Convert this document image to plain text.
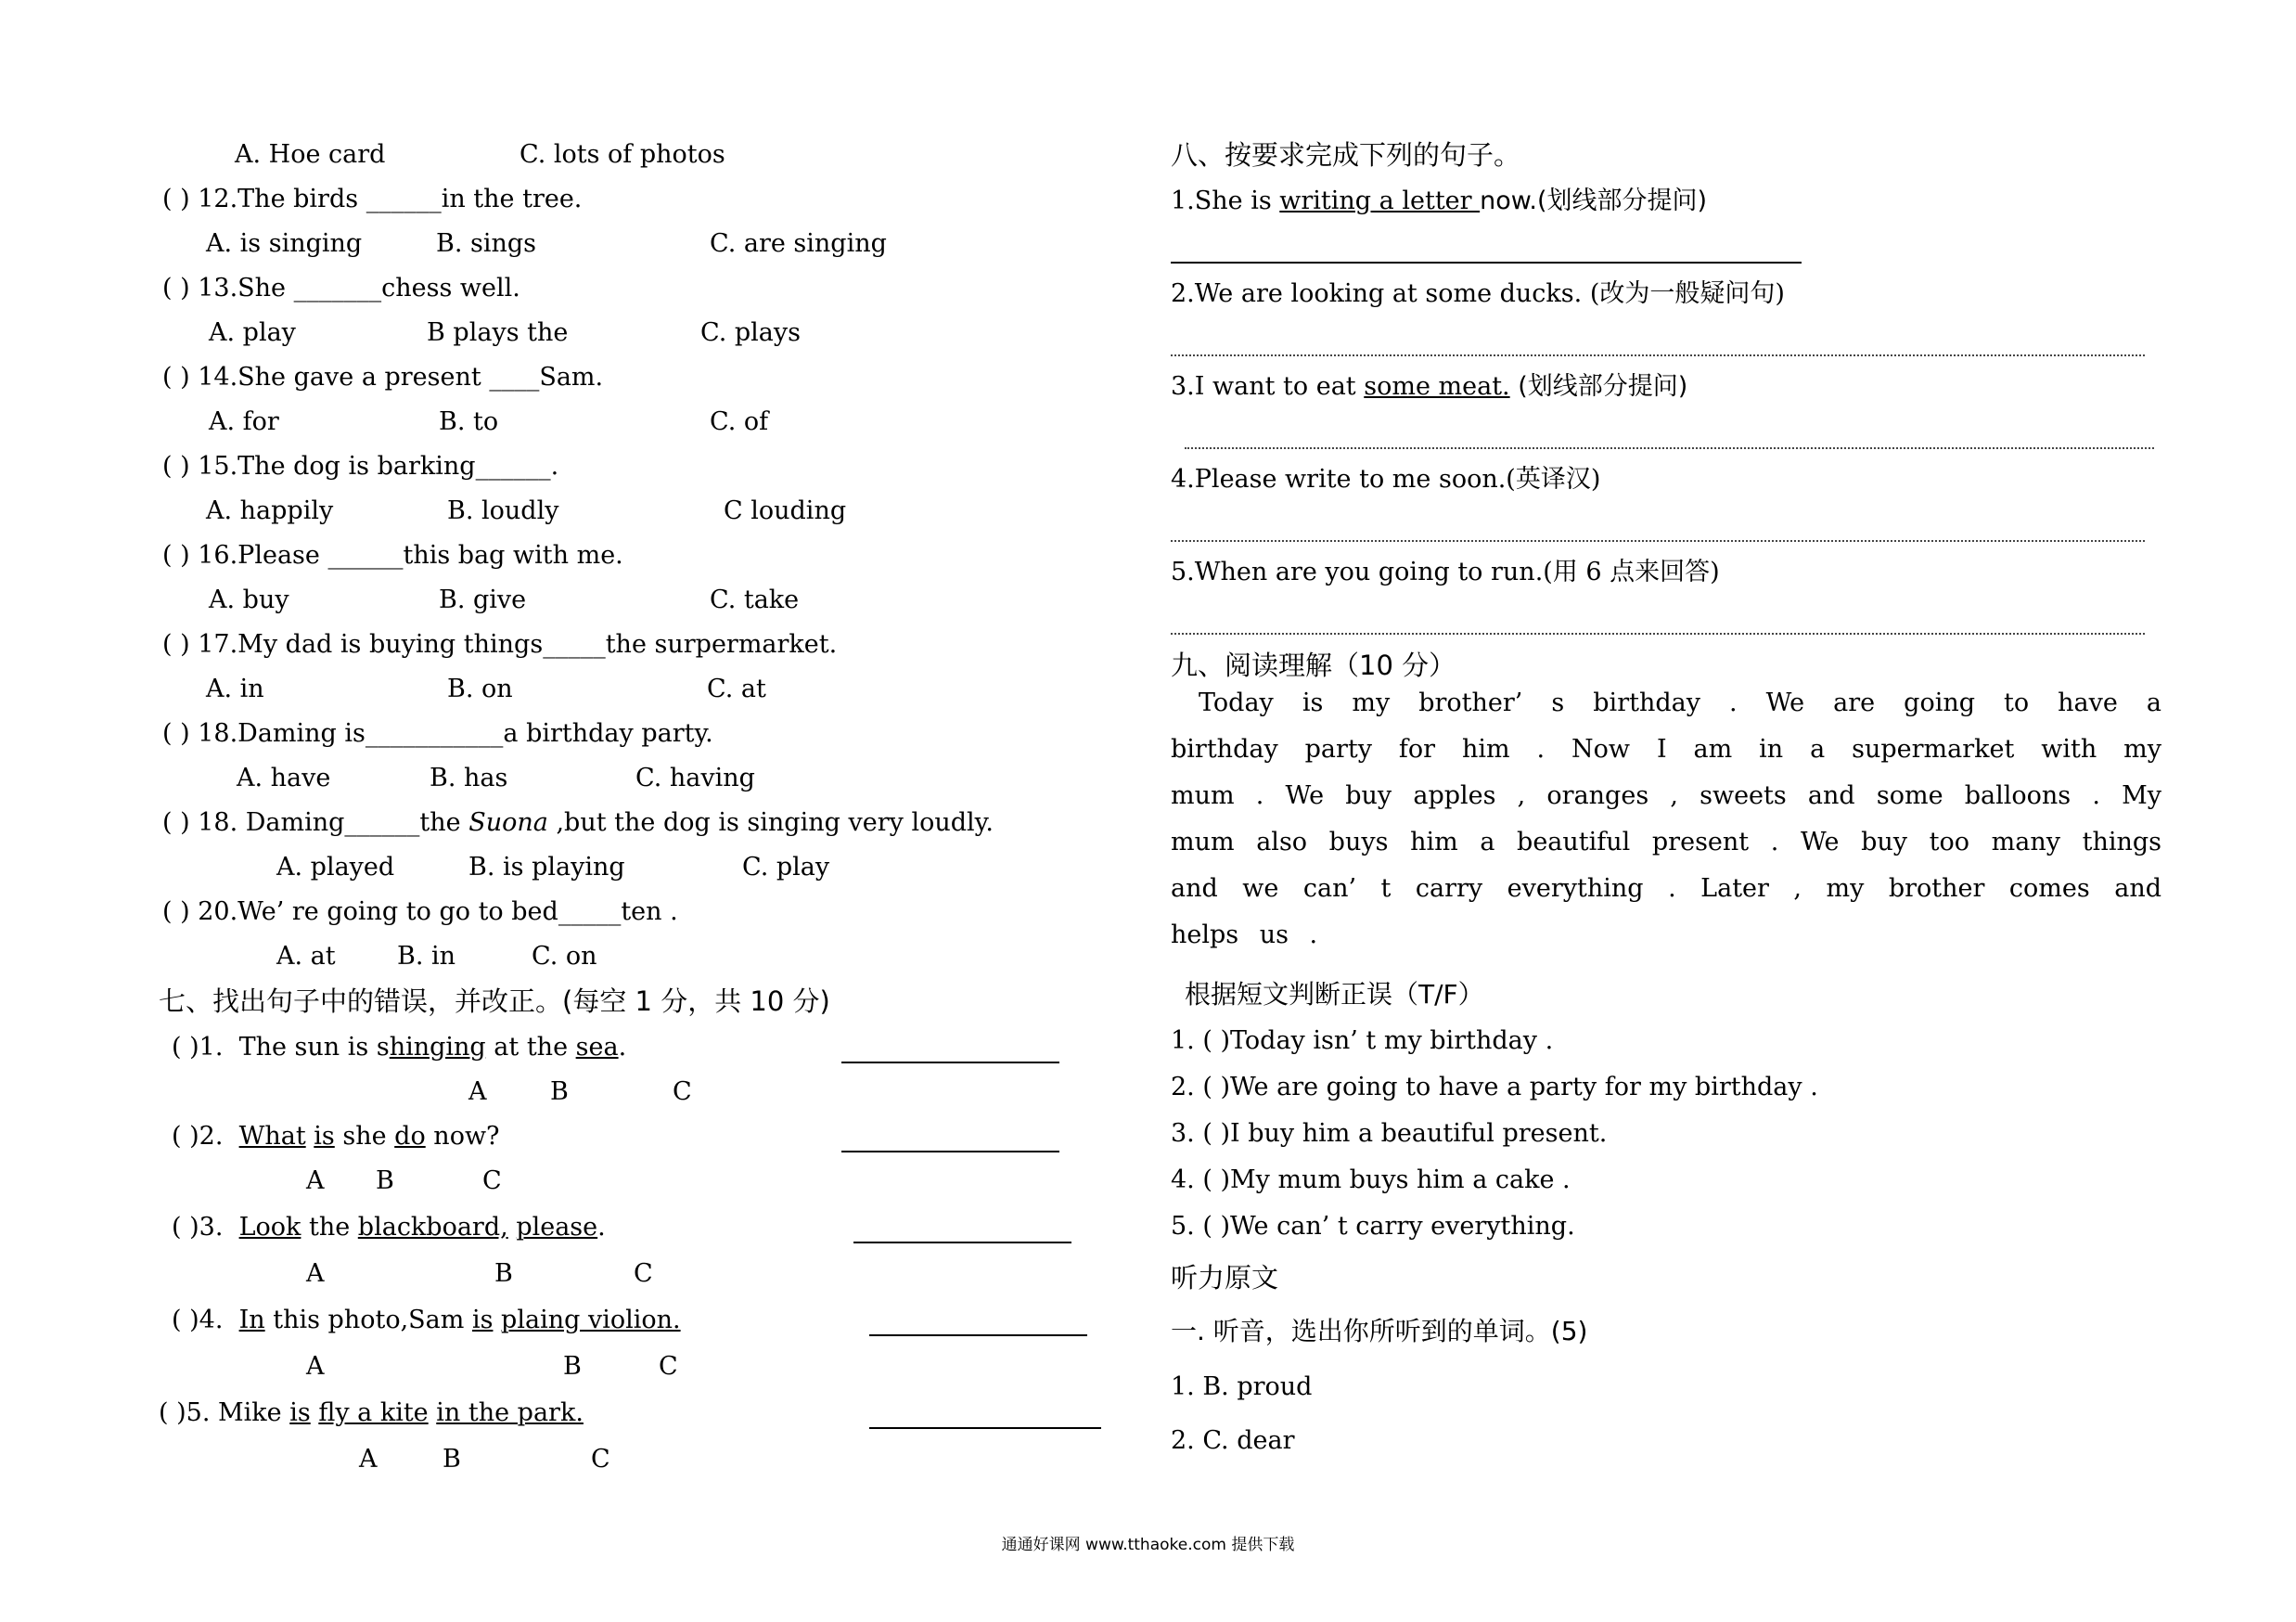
A. Hoe card	C. lots of photos
( ) 12.The birds ______in the tree.
A. is singing	B. sings	C. are singing
( ) 13.She _______chess well.
A. play	B plays the	C. plays
( ) 14.She gave a present ____Sam.
A. for	B. to	C. of
( ) 15.The dog is barking______.
A. happily	B. loudly	C louding
( ) 16.Please ______this bag with me.
A. buy	B. give	C. take
( ) 17.My dad is buying things_____the surpermarket.
A. in	B. on	C. at
( ) 18.Daming is___________a birthday party.
A. have	B. has	C. having
( ) 18. Daming______the Suona ,but the dog is singing very loudly.
A. played	B. is playing	C. play
( ) 20.We’ re going to go to bed_____ten .
A. at B. in	C. on
七、找出句子中的错误，并改正。(每空 1 分，共 10 分)
( )1. The sun is shinging at the sea.
A	B	C
( )2. What is she do now?
A B	C
( )3. Look the blackboard, please.
A	B	C
( )4. In this photo,Sam is plaing violion.
A	B	C
( )5. Mike is fly a kite in the park.
A	B	C
八、按要求完成下列的句子。
1.She is writing a letter now.(划线部分提问)
2.We are looking at some ducks. (改为一般疑问句)
3.I want to eat some meat. (划线部分提问)
4.Please write to me soon.(英译汉)
5.When are you going to run.(用 6 点来回答)
九、阅读理解（10 分）
Today is my brother’ s birthday . We are going to have a birthday party for him . Now I am in a supermarket with my mum . We buy apples , oranges , sweets and some balloons . My mum also buys him a beautiful present . We buy too many things and we can’ t carry everything . Later , my brother comes and helps us .
根据短文判断正误（T/F）
1. ( )Today isn’ t my birthday .
2. ( )We are going to have a party for my birthday .
3. ( )I buy him a beautiful present.
4. ( )My mum buys him a cake .
5. ( )We can’ t carry everything.
听力原文
一. 听音，选出你所听到的单词。(5)
1. B. proud
2. C. dear
通通好课网 www.tthaoke.com 提供下载
